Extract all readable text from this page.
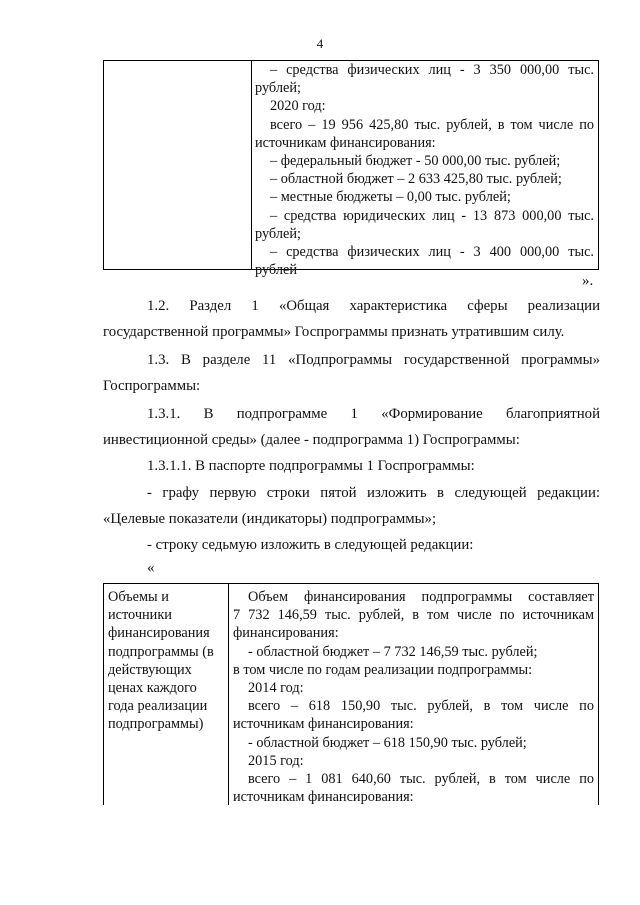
4
– средства физических лиц - 3 350 000,00 тыс.
рублей;
2020 год:
всего – 19 956 425,80 тыс. рублей, в том числе по
источникам финансирования:
– федеральный бюджет - 50 000,00 тыс. рублей;
– областной бюджет – 2 633 425,80 тыс. рублей;
– местные бюджеты – 0,00 тыс. рублей;
– средства юридических лиц - 13 873 000,00 тыс.
рублей;
– средства физических лиц - 3 400 000,00 тыс.
рублей
».
1.2. Раздел 1 «Общая характеристика сферы реализации
государственной программы» Госпрограммы признать утратившим силу.
1.3. В разделе 11 «Подпрограммы государственной программы»
Госпрограммы:
1.3.1. В подпрограмме 1 «Формирование благоприятной
инвестиционной среды» (далее - подпрограмма 1) Госпрограммы:
1.3.1.1. В паспорте подпрограммы 1 Госпрограммы:
- графу первую строки пятой изложить в следующей редакции:
«Целевые показатели (индикаторы) подпрограммы»;
- строку седьмую изложить в следующей редакции:
«
Объемы и
источники
финансирования
подпрограммы (в
действующих
ценах каждого
года реализации
подпрограммы)
Объем финансирования подпрограммы составляет
7 732 146,59 тыс. рублей, в том числе по источникам
финансирования:
- областной бюджет – 7 732 146,59 тыс. рублей;
в том числе по годам реализации подпрограммы:
2014 год:
всего – 618 150,90 тыс. рублей, в том числе по
источникам финансирования:
- областной бюджет – 618 150,90 тыс. рублей;
2015 год:
всего – 1 081 640,60 тыс. рублей, в том числе по
источникам финансирования:
